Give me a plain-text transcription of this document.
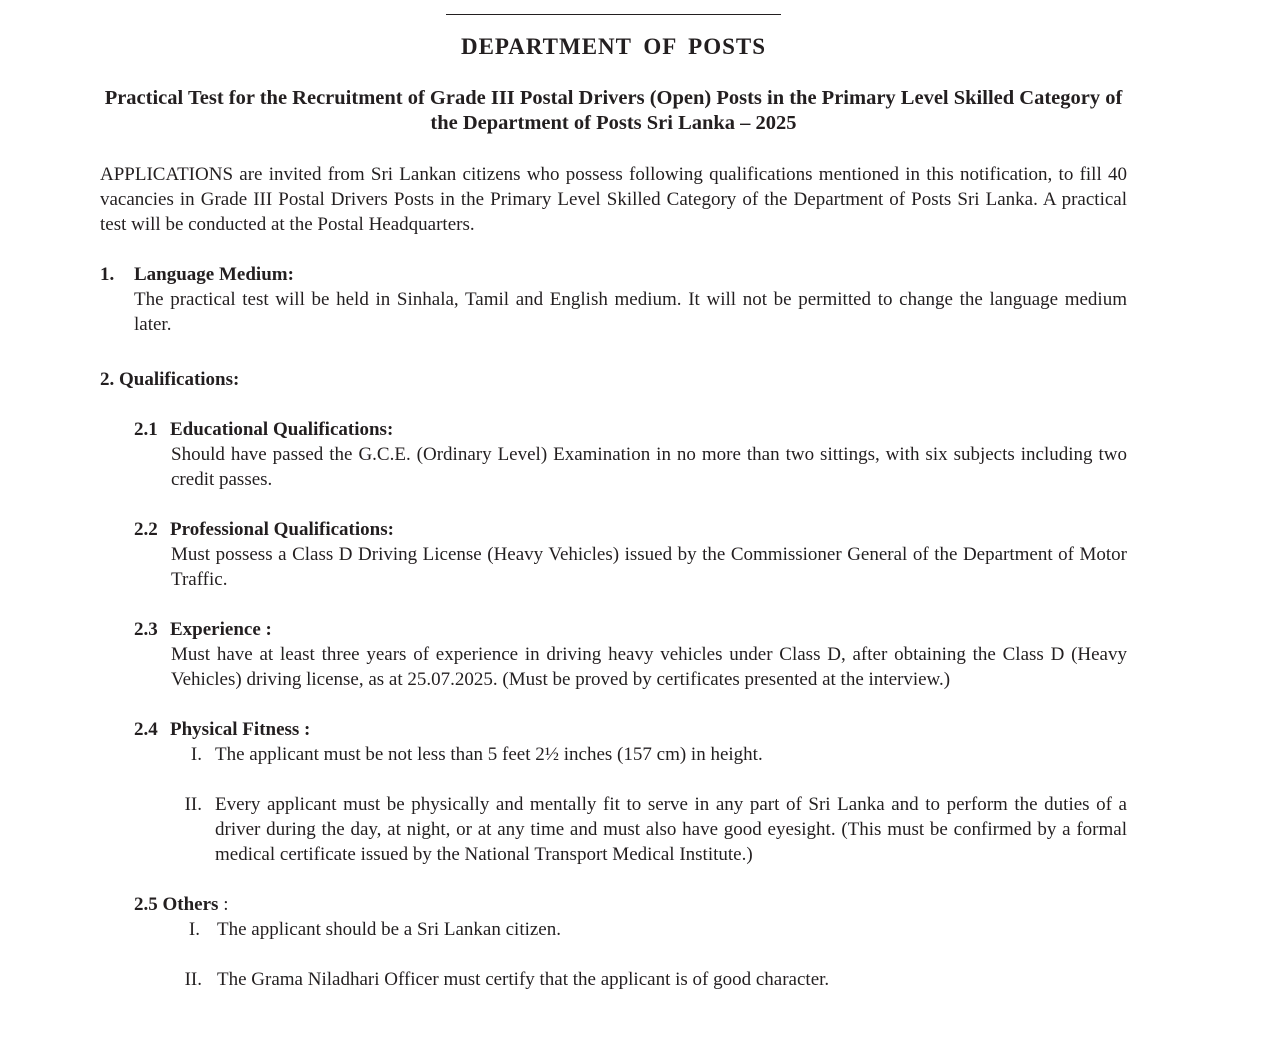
DEPARTMENT OF POSTS
Practical Test for the Recruitment of Grade III Postal Drivers (Open) Posts in the Primary Level Skilled Category of the Department of Posts Sri Lanka – 2025

APPLICATIONS are invited from Sri Lankan citizens who possess following qualifications mentioned in this notification, to fill 40 vacancies in Grade III Postal Drivers Posts in the Primary Level Skilled Category of the Department of Posts Sri Lanka. A practical test will be conducted at the Postal Headquarters.

1. Language Medium:

The practical test will be held in Sinhala, Tamil and English medium. It will not be permitted to change the language medium later.

2. Qualifications:
2.1 Educational Qualifications:

Should have passed the G.C.E. (Ordinary Level) Examination in no more than two sittings, with six subjects including two credit passes.

2.2 Professional Qualifications:

Must possess a Class D Driving License (Heavy Vehicles) issued by the Commissioner General of the Department of Motor Traffic.

2.3 Experience :

Must have at least three years of experience in driving heavy vehicles under Class D, after obtaining the Class D (Heavy Vehicles) driving license, as at 25.07.2025. (Must be proved by certificates presented at the interview.)

2.4 Physical Fitness :
I. The applicant must be not less than 5 feet 2½ inches (157 cm) in height.
II. Every applicant must be physically and mentally fit to serve in any part of Sri Lanka and to perform the duties of a driver during the day, at night, or at any time and must also have good eyesight. (This must be confirmed by a formal medical certificate issued by the National Transport Medical Institute.)
2.5 Others :
I. The applicant should be a Sri Lankan citizen.
II. The Grama Niladhari Officer must certify that the applicant is of good character.
